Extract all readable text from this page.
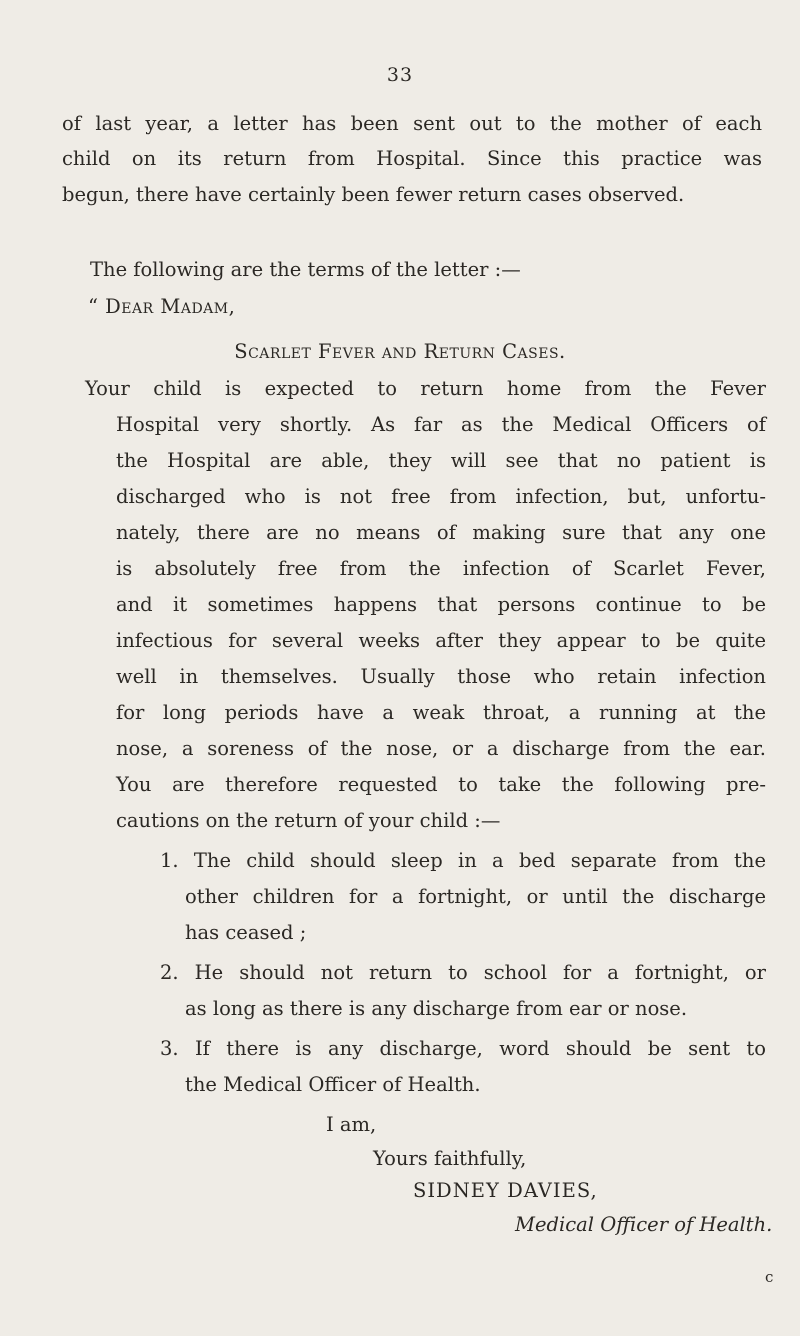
33
of last year, a letter has been sent out to the mother of each
child on its return from Hospital. Since this practice was
begun, there have certainly been fewer return cases observed.
The following are the terms of the letter :—
“ Dear Madam,
Scarlet Fever and Return Cases.
Your child is expected to return home from the Fever
Hospital very shortly. As far as the Medical Officers of
the Hospital are able, they will see that no patient is
discharged who is not free from infection, but, unfortu-
nately, there are no means of making sure that any one
is absolutely free from the infection of Scarlet Fever,
and it sometimes happens that persons continue to be
infectious for several weeks after they appear to be quite
well in themselves. Usually those who retain infection
for long periods have a weak throat, a running at the
nose, a soreness of the nose, or a discharge from the ear.
You are therefore requested to take the following pre-
cautions on the return of your child :—
1. The child should sleep in a bed separate from the
other children for a fortnight, or until the discharge
has ceased ;
2. He should not return to school for a fortnight, or
as long as there is any discharge from ear or nose.
3. If there is any discharge, word should be sent to
the Medical Officer of Health.
I am,
Yours faithfully,
SIDNEY DAVIES,
Medical Officer of Health.
c
